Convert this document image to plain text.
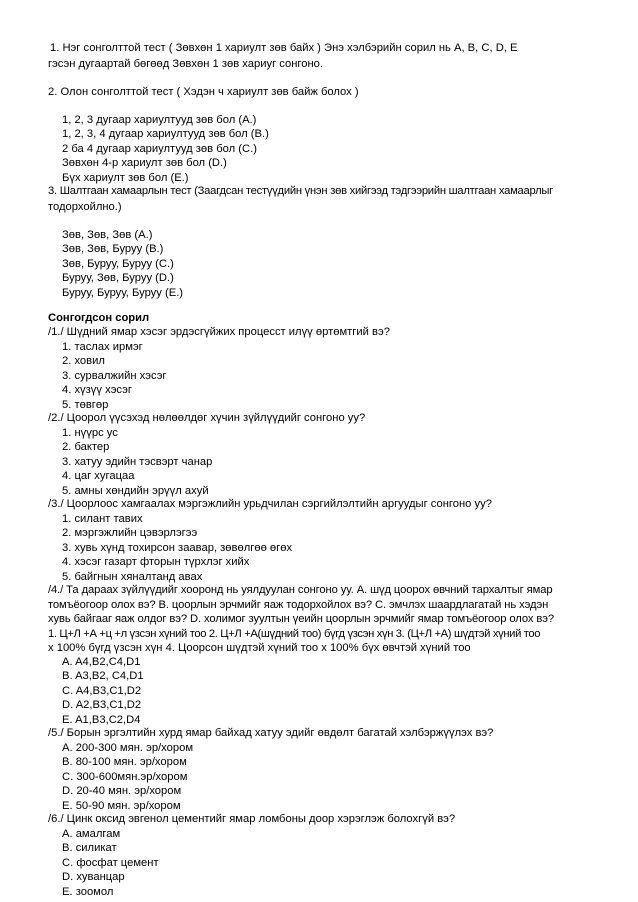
1. Нэг сонголттой тест ( Зөвхөн 1 хариулт зөв байх ) Энэ хэлбэрийн сорил нь A, B, C, D, E
гэсэн дугаартай бөгөөд Зөвхөн 1 зөв хариуг сонгоно.
2. Олон сонголттой тест ( Хэдэн ч хариулт зөв байж болох )
1, 2, 3 дугаар хариултууд зөв бол (A.)
1, 2, 3, 4 дугаар хариултууд зөв бол (B.)
2 ба 4 дугаар хариултууд зөв бол (C.)
Зөвхөн 4-р хариулт зөв бол (D.)
Бүх хариулт зөв бол (E.)
3. Шалтгаан хамаарлын тест (Заагдсан тестүүдийн үнэн зөв хийгээд тэдгээрийн шалтгаан хамаарлыг
тодорхойлно.)
Зөв, Зөв, Зөв (A.)
Зөв, Зөв, Буруу (B.)
Зөв, Буруу, Буруу (C.)
Буруу, Зөв, Буруу (D.)
Буруу, Буруу, Буруу (E.)
Сонгогдсон сорил
/1./ Шүдний ямар хэсэг эрдэсгүйжих процесст илүү өртөмтгий вэ?
1. таслах ирмэг
2. ховил
3. сурвалжийн хэсэг
4. хүзүү хэсэг
5. төвгөр
/2./ Цоорол үүсэхэд нөлөөлдөг хүчин зүйлүүдийг сонгоно уу?
1. нүүрс ус
2. бактер
3. хатуу эдийн тэсвэрт чанар
4. цаг хугацаа
5. амны хөндийн эрүүл ахуй
/3./ Цоорлоос хамгаалах мэргэжлийн урьдчилан сэргийлэлтийн аргуудыг сонгоно уу?
1. силант тавих
2. мэргэжлийн цэвэрлэгээ
3. хувь хүнд тохирсон заавар, зөвөлгөө өгөх
4. хэсэг газарт фторын түрхлэг хийх
5. байгнын хяналтанд авах
/4./ Та дараах зүйлүүдийг хооронд нь уялдуулан сонгоно уу. A. шүд цоорох өвчний тархалтыг ямар
томъёогоор олох вэ? B. цоорлын эрчмийг яаж тодорхойлох вэ? C. эмчлэх шаардлагатай нь хэдэн
хувь байгааг яаж олдог вэ? D. холимог зуултын үеийн цоорлын эрчмийг ямар томъёогоор олох вэ?
1. Ц+Л +А +ц +л үзсэн хүний тоо 2. Ц+Л +А(шүдний тоо) бүгд үзсэн хүн 3. (Ц+Л +А) шүдтэй хүний тоо
x 100% бүгд үзсэн хүн 4. Цоорсон шүдтэй хүний тоо x 100% бүх өвчтэй хүний тоо
A. A4,B2,C4,D1
B. A3,B2, C4,D1
C. A4,B3,C1,D2
D. A2,B3,C1,D2
E. A1,B3,C2,D4
/5./ Борын эргэлтийн хурд ямар байхад хатуу эдийг өвдөлт багатай хэлбэржүүлэх вэ?
A. 200-300 мян. эр/хором
B. 80-100 мян. эр/хором
C. 300-600мян.эр/хором
D. 20-40 мян. эр/хором
E. 50-90 мян. эр/хором
/6./ Цинк оксид эвгенол цементийг ямар ломбоны доор хэрэглэж болохгүй вэ?
A. амалгам
B. силикат
C. фосфат цемент
D. хуванцар
E. зоомол
